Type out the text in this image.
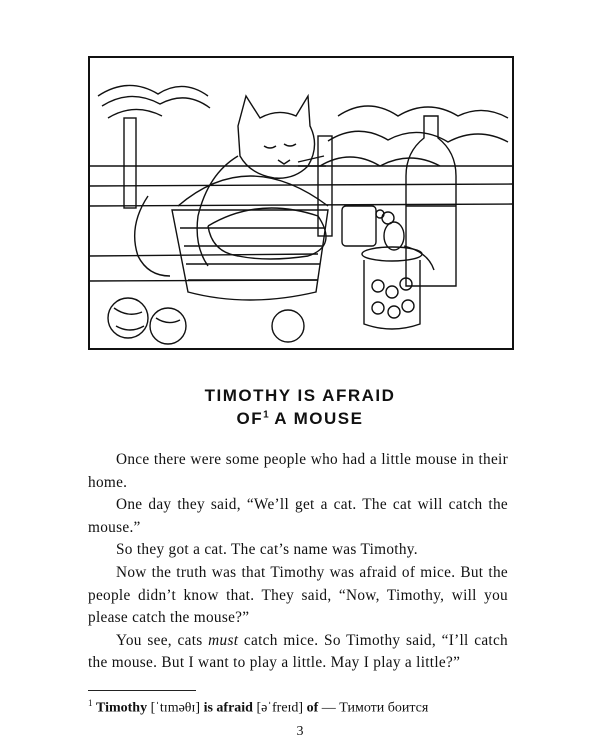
TIMOTHY IS AFRAID
$OF^1$ A MOUSE

Once there were some people who had a little mouse in their home.

One day they said, “We’ll get a cat. The cat will catch the mouse.”

So they got a cat. The cat’s name was Timothy.

Now the truth was that Timothy was afraid of mice. But the people didn’t know that. They said, “Now, Timothy, will you please catch the mouse?”

You see, cats must catch mice. So Timothy said, “I’ll catch the mouse. But I want to play a little. May I play a little?”

$^1$ Timothy [ˈtɪməθɪ] is afraid [əˈfreɪd] of — Тимоти боится
3
